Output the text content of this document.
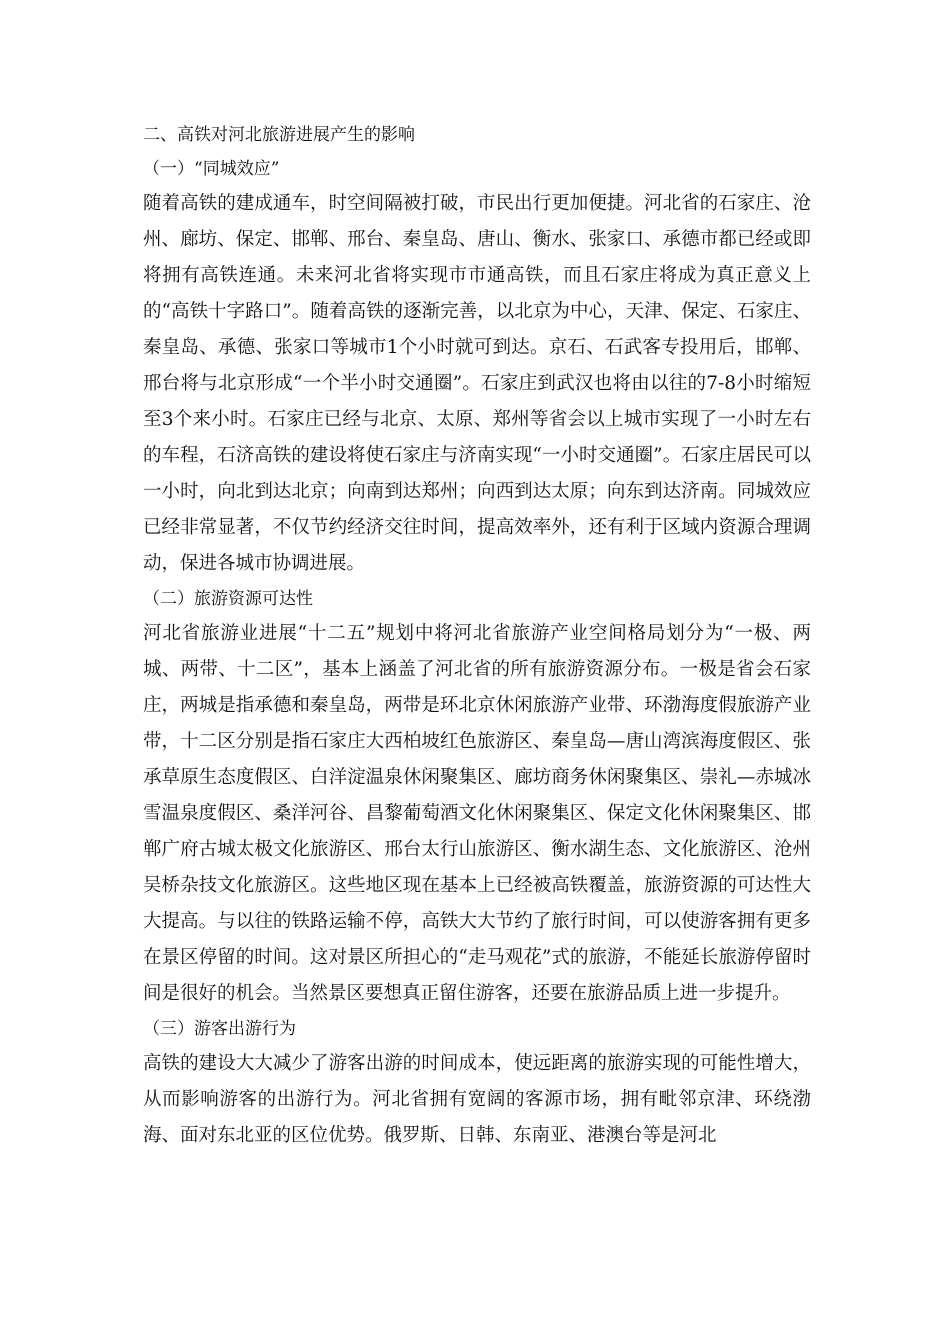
二、高铁对河北旅游进展产生的影响
（一）“同城效应”

随着高铁的建成通车，时空间隔被打破，市民出行更加便捷。河北省的石家庄、沧州、廊坊、保定、邯郸、邢台、秦皇岛、唐山、衡水、张家口、承德市都已经或即将拥有高铁连通。未来河北省将实现市市通高铁，而且石家庄将成为真正意义上的“高铁十字路口”。随着高铁的逐渐完善，以北京为中心，天津、保定、石家庄、秦皇岛、承德、张家口等城市1个小时就可到达。京石、石武客专投用后，邯郸、邢台将与北京形成“一个半小时交通圈”。石家庄到武汉也将由以往的7-8小时缩短至3个来小时。石家庄已经与北京、太原、郑州等省会以上城市实现了一小时左右的车程，石济高铁的建设将使石家庄与济南实现“一小时交通圈”。石家庄居民可以一小时，向北到达北京；向南到达郑州；向西到达太原；向东到达济南。同城效应已经非常显著，不仅节约经济交往时间，提高效率外，还有利于区域内资源合理调动，保进各城市协调进展。

（二）旅游资源可达性

河北省旅游业进展“十二五”规划中将河北省旅游产业空间格局划分为“一极、两城、两带、十二区”，基本上涵盖了河北省的所有旅游资源分布。一极是省会石家庄，两城是指承德和秦皇岛，两带是环北京休闲旅游产业带、环渤海度假旅游产业带，十二区分别是指石家庄大西柏坡红色旅游区、秦皇岛—唐山湾滨海度假区、张承草原生态度假区、白洋淀温泉休闲聚集区、廊坊商务休闲聚集区、崇礼—赤城冰雪温泉度假区、桑洋河谷、昌黎葡萄酒文化休闲聚集区、保定文化休闲聚集区、邯郸广府古城太极文化旅游区、邢台太行山旅游区、衡水湖生态、文化旅游区、沧州吴桥杂技文化旅游区。这些地区现在基本上已经被高铁覆盖，旅游资源的可达性大大提高。与以往的铁路运输不停，高铁大大节约了旅行时间，可以使游客拥有更多在景区停留的时间。这对景区所担心的“走马观花”式的旅游，不能延长旅游停留时间是很好的机会。当然景区要想真正留住游客，还要在旅游品质上进一步提升。

（三）游客出游行为

高铁的建设大大减少了游客出游的时间成本，使远距离的旅游实现的可能性增大，从而影响游客的出游行为。河北省拥有宽阔的客源市场，拥有毗邻京津、环绕渤海、面对东北亚的区位优势。俄罗斯、日韩、东南亚、港澳台等是河北
